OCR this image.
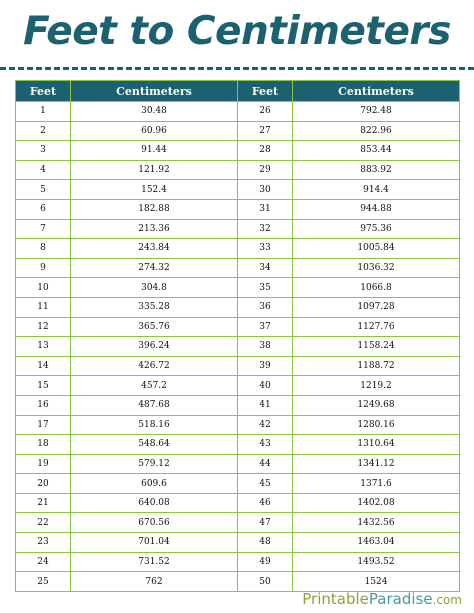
Feet to Centimeters
Feet	Centimeters	Feet	Centimeters
1	30.48	26	792.48
2	60.96	27	822.96
3	91.44	28	853.44
4	121.92	29	883.92
5	152.4	30	914.4
6	182.88	31	944.88
7	213.36	32	975.36
8	243.84	33	1005.84
9	274.32	34	1036.32
10	304.8	35	1066.8
11	335.28	36	1097.28
12	365.76	37	1127.76
13	396.24	38	1158.24
14	426.72	39	1188.72
15	457.2	40	1219.2
16	487.68	41	1249.68
17	518.16	42	1280.16
18	548.64	43	1310.64
19	579.12	44	1341.12
20	609.6	45	1371.6
21	640.08	46	1402.08
22	670.56	47	1432.56
23	701.04	48	1463.04
24	731.52	49	1493.52
25	762	50	1524
PrintableParadise.com
